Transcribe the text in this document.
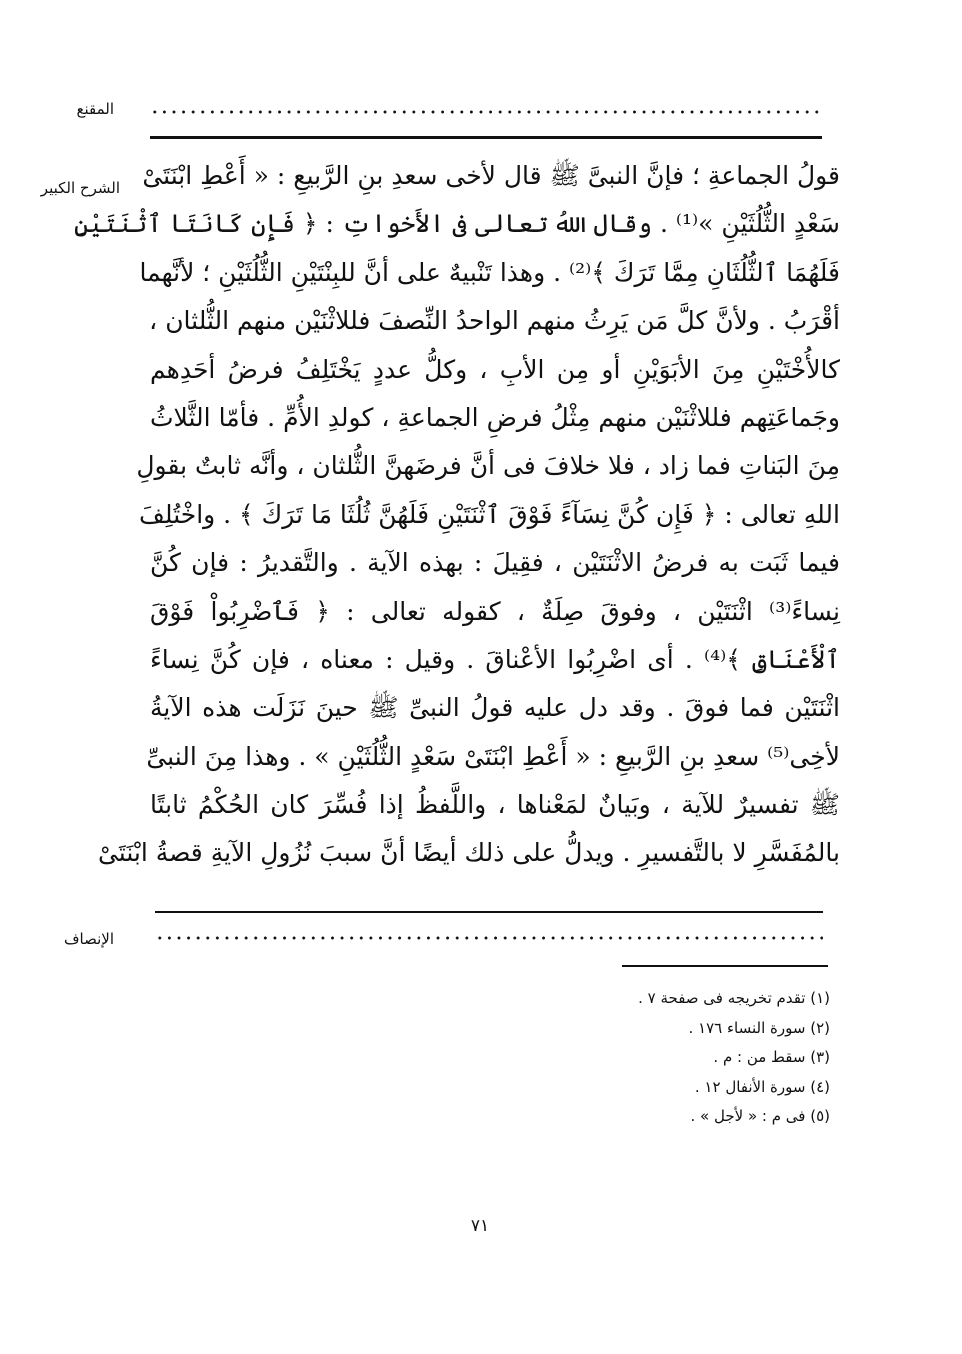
المقنع
الشرح الكبير قولُ الجماعةِ ؛ فإنَّ النبىَّ ﷺ قال لأخى سعدِ بنِ الرَّبيعِ : « أَعْطِ ابْنَتَىْ
سَعْدٍ الثُّلُثَيْنِ »⁽¹⁾ . وقال اللهُ تعالى فى الأَخواتِ : ﴿ فَإِن كَانَتَا ٱثْنَتَيْنِ
فَلَهُمَا ٱلثُّلُثَانِ مِمَّا تَرَكَ ﴾⁽²⁾ . وهذا تَنْبيهٌ على أنَّ للبِنْتَيْنِ الثُّلُثَيْنِ ؛ لأنَّهما
أقْرَبُ . ولأنَّ كلَّ مَن يَرِثُ منهم الواحدُ النِّصفَ فللاثْنَيْن منهم الثُّلثان ،
كالأُخْتَيْنِ مِنَ الأبَوَيْنِ أو مِن الأبِ ، وكلُّ عددٍ يَخْتَلِفُ فرضُ أحَدِهم
وجَماعَتِهم فللاثْنَيْن منهم مِثْلُ فرضِ الجماعةِ ، كولدِ الأُمِّ . فأمّا الثَّلاثُ
مِنَ البَناتِ فما زاد ، فلا خلافَ فى أنَّ فرضَهنَّ الثُّلثان ، وأنَّه ثابتٌ بقولِ
اللهِ تعالى : ﴿ فَإِن كُنَّ نِسَآءً فَوْقَ ٱثْنَتَيْنِ فَلَهُنَّ ثُلُثَا مَا تَرَكَ ﴾ . واخْتُلِفَ
فيما ثَبَت به فرضُ الاثْنَتَيْن ، فقِيلَ : بهذه الآية . والتَّقديرُ : فإن كُنَّ
نِساءً⁽³⁾ اثْنَتَيْن ، وفوقَ صِلَةٌ ، كقوله تعالى : ﴿ فَٱضْرِبُواْ فَوْقَ
ٱلْأَعْنَاقِ ﴾⁽⁴⁾ . أى اضْرِبُوا الأعْناقَ . وقيل : معناه ، فإن كُنَّ نِساءً
اثْنَتَيْن فما فوقَ . وقد دل عليه قولُ النبىِّ ﷺ حينَ نَزَلَت هذه الآيةُ
لأخِى⁽⁵⁾ سعدِ بنِ الرَّبيعِ : « أَعْطِ ابْنَتَىْ سَعْدٍ الثُّلُثَيْنِ » . وهذا مِنَ النبىِّ
ﷺ تفسيرٌ للآية ، وبَيانٌ لمَعْناها ، واللَّفظُ إذا فُسِّرَ كان الحُكْمُ ثابتًا
بالمُفَسَّرِ لا بالتَّفسيرِ . ويدلُّ على ذلك أيضًا أنَّ سببَ نُزُولِ الآيةِ قصةُ ابْنَتَىْ
الإنصاف
(١) تقدم تخريجه فى صفحة ٧ .
(٢) سورة النساء ١٧٦ .
(٣) سقط من : م .
(٤) سورة الأنفال ١٢ .
(٥) فى م : « لأجل » .
٧١
